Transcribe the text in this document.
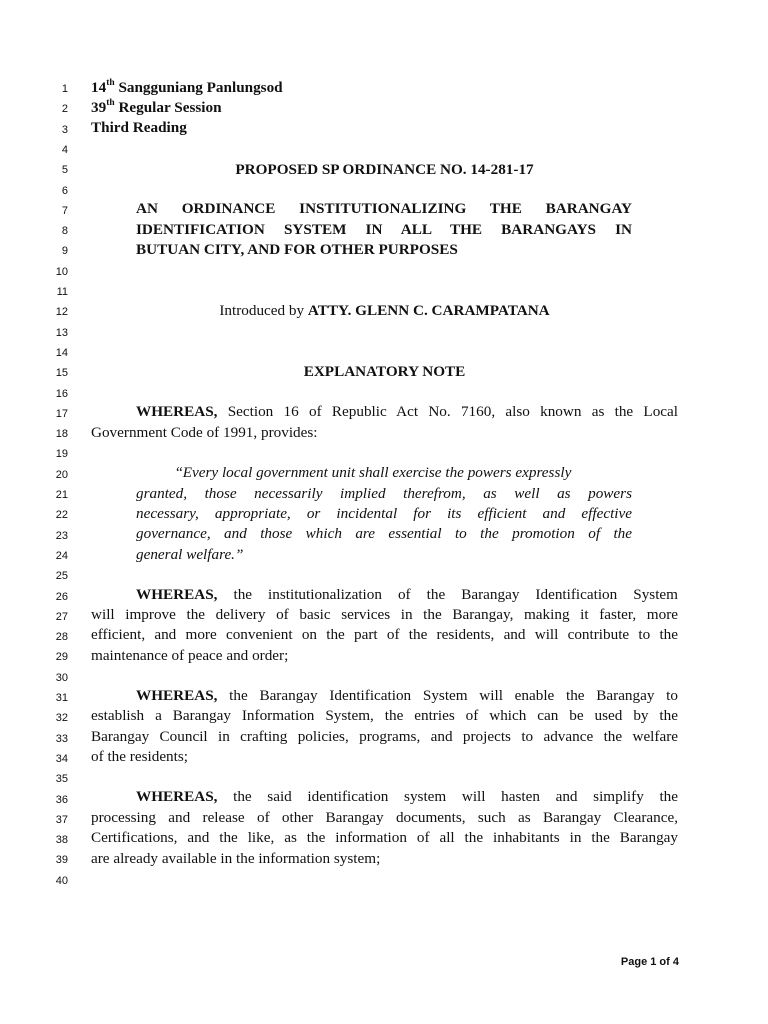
1
2
3
4
5
6
7
8
9
10
11
12
13
14
15
16
17
18
19
20
21
22
23
24
25
26
27
28
29
30
31
32
33
34
35
36
37
38
39
40
14th Sangguniang Panlungsod
39th Regular Session
Third Reading
PROPOSED SP ORDINANCE NO. 14-281-17
AN ORDINANCE INSTITUTIONALIZING THE BARANGAY
IDENTIFICATION SYSTEM IN ALL THE BARANGAYS IN
BUTUAN CITY, AND FOR OTHER PURPOSES
Introduced by ATTY. GLENN C. CARAMPATANA
EXPLANATORY NOTE
WHEREAS, Section 16 of Republic Act No. 7160, also known as the Local
Government Code of 1991, provides:
“Every local government unit shall exercise the powers expressly
granted, those necessarily implied therefrom, as well as powers
necessary, appropriate, or incidental for its efficient and effective
governance, and those which are essential to the promotion of the
general welfare.”
WHEREAS, the institutionalization of the Barangay Identification System
will improve the delivery of basic services in the Barangay, making it faster, more
efficient, and more convenient on the part of the residents, and will contribute to the
maintenance of peace and order;
WHEREAS, the Barangay Identification System will enable the Barangay to
establish a Barangay Information System, the entries of which can be used by the
Barangay Council in crafting policies, programs, and projects to advance the welfare
of the residents;
WHEREAS, the said identification system will hasten and simplify the
processing and release of other Barangay documents, such as Barangay Clearance,
Certifications, and the like, as the information of all the inhabitants in the Barangay
are already available in the information system;
Page 1 of 4
